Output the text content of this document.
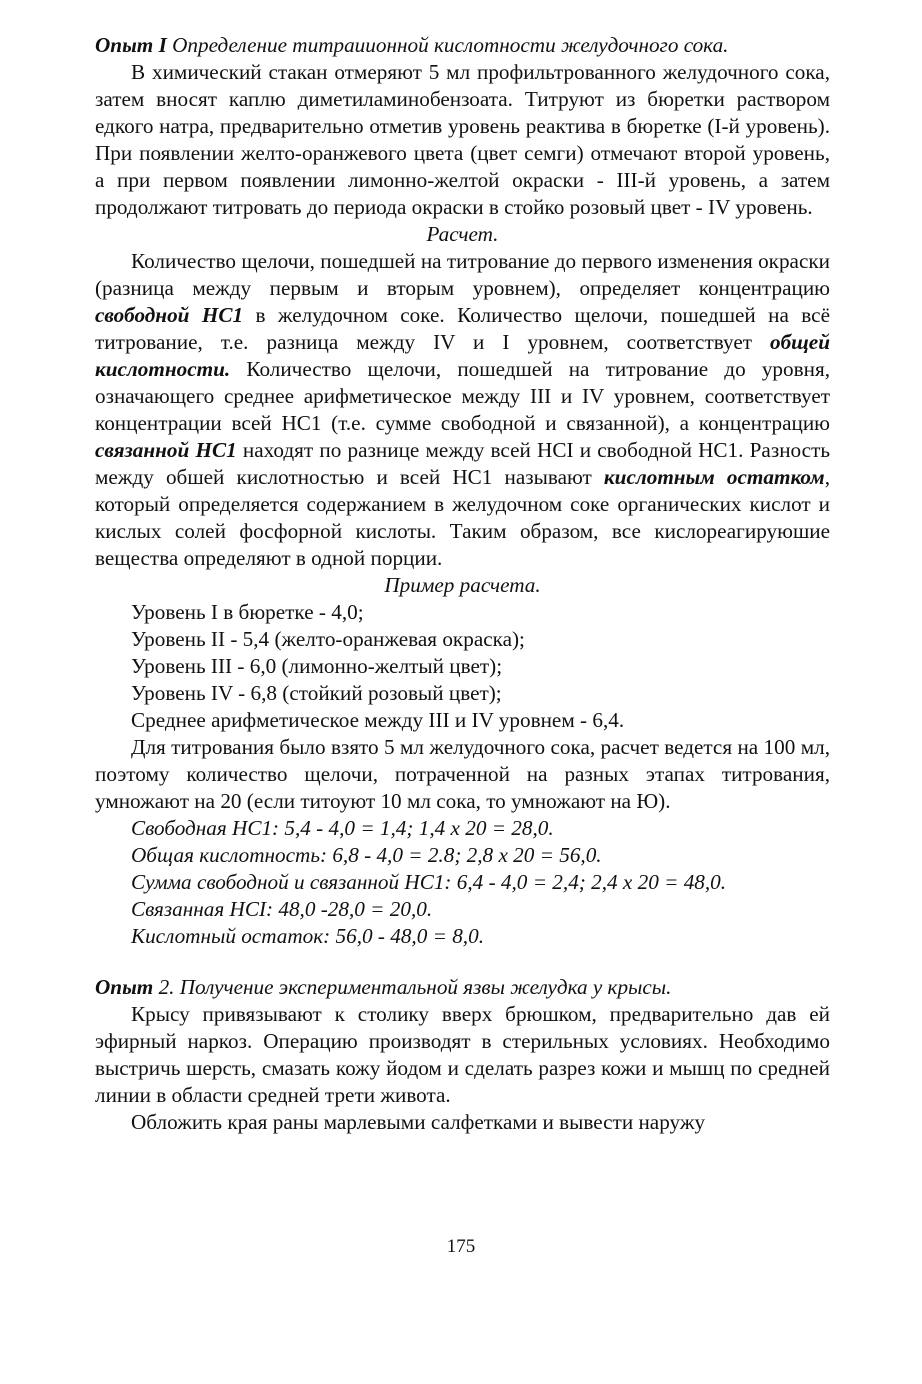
Опыт I Определение титраиионной кислотности желудочного сока.

В химический стакан отмеряют 5 мл профильтрованного желудочного сока, затем вносят каплю диметиламинобензоата. Титруют из бюретки раствором едкого натра, предварительно отметив уровень реактива в бюретке (I-й уровень). При появлении желто-оранжевого цвета (цвет семги) отмечают второй уровень, а при первом появлении лимонно-желтой окраски - III-й уровень, а затем продолжают титровать до периода окраски в стойко розовый цвет - IV уровень.

Расчет.

Количество щелочи, пошедшей на титрование до первого изменения окраски (разница между первым и вторым уровнем), определяет концентрацию свободной НС1 в желудочном соке. Количество щелочи, пошедшей на всё титрование, т.е. разница между IV и I уровнем, соответствует общей кислотности. Количество щелочи, пошедшей на титрование до уровня, означающего среднее арифметическое между III и IV уровнем, соответствует концентрации всей НС1 (т.е. сумме свободной и связанной), а концентрацию связанной НС1 находят по разнице между всей НСI и свободной НС1. Разность между обшей кислотностью и всей НС1 называют кислотным остатком, который определяется содержанием в желудочном соке органических кислот и кислых солей фосфорной кислоты. Таким образом, все кислореагируюшие вещества определяют в одной порции.

Пример расчета.

Уровень I в бюретке - 4,0;

Уровень II - 5,4 (желто-оранжевая окраска);

Уровень III - 6,0 (лимонно-желтый цвет);

Уровень IV - 6,8 (стойкий розовый цвет);

Среднее арифметическое между III и IV уровнем - 6,4.

Для титрования было взято 5 мл желудочного сока, расчет ведется на 100 мл, поэтому количество щелочи, потраченной на разных этапах титрования, умножают на 20 (если титоуют 10 мл сока, то умножают на Ю).

Свободная НС1: 5,4 - 4,0 = 1,4; 1,4 х 20 = 28,0.

Общая кислотность: 6,8 - 4,0 = 2.8; 2,8 х 20 = 56,0.

Сумма свободной и связанной НС1: 6,4 - 4,0 = 2,4; 2,4 х 20 = 48,0.

Связанная НСI: 48,0 -28,0 = 20,0.

Кислотный остаток: 56,0 - 48,0 = 8,0.

Опыт 2. Получение экспериментальной язвы желудка у крысы.

Крысу привязывают к столику вверх брюшком, предварительно дав ей эфирный наркоз. Операцию производят в стерильных условиях. Необходимо выстричь шерсть, смазать кожу йодом и сделать разрез кожи и мышц по средней линии в области средней трети живота.

Обложить края раны марлевыми салфетками и вывести наружу

175
